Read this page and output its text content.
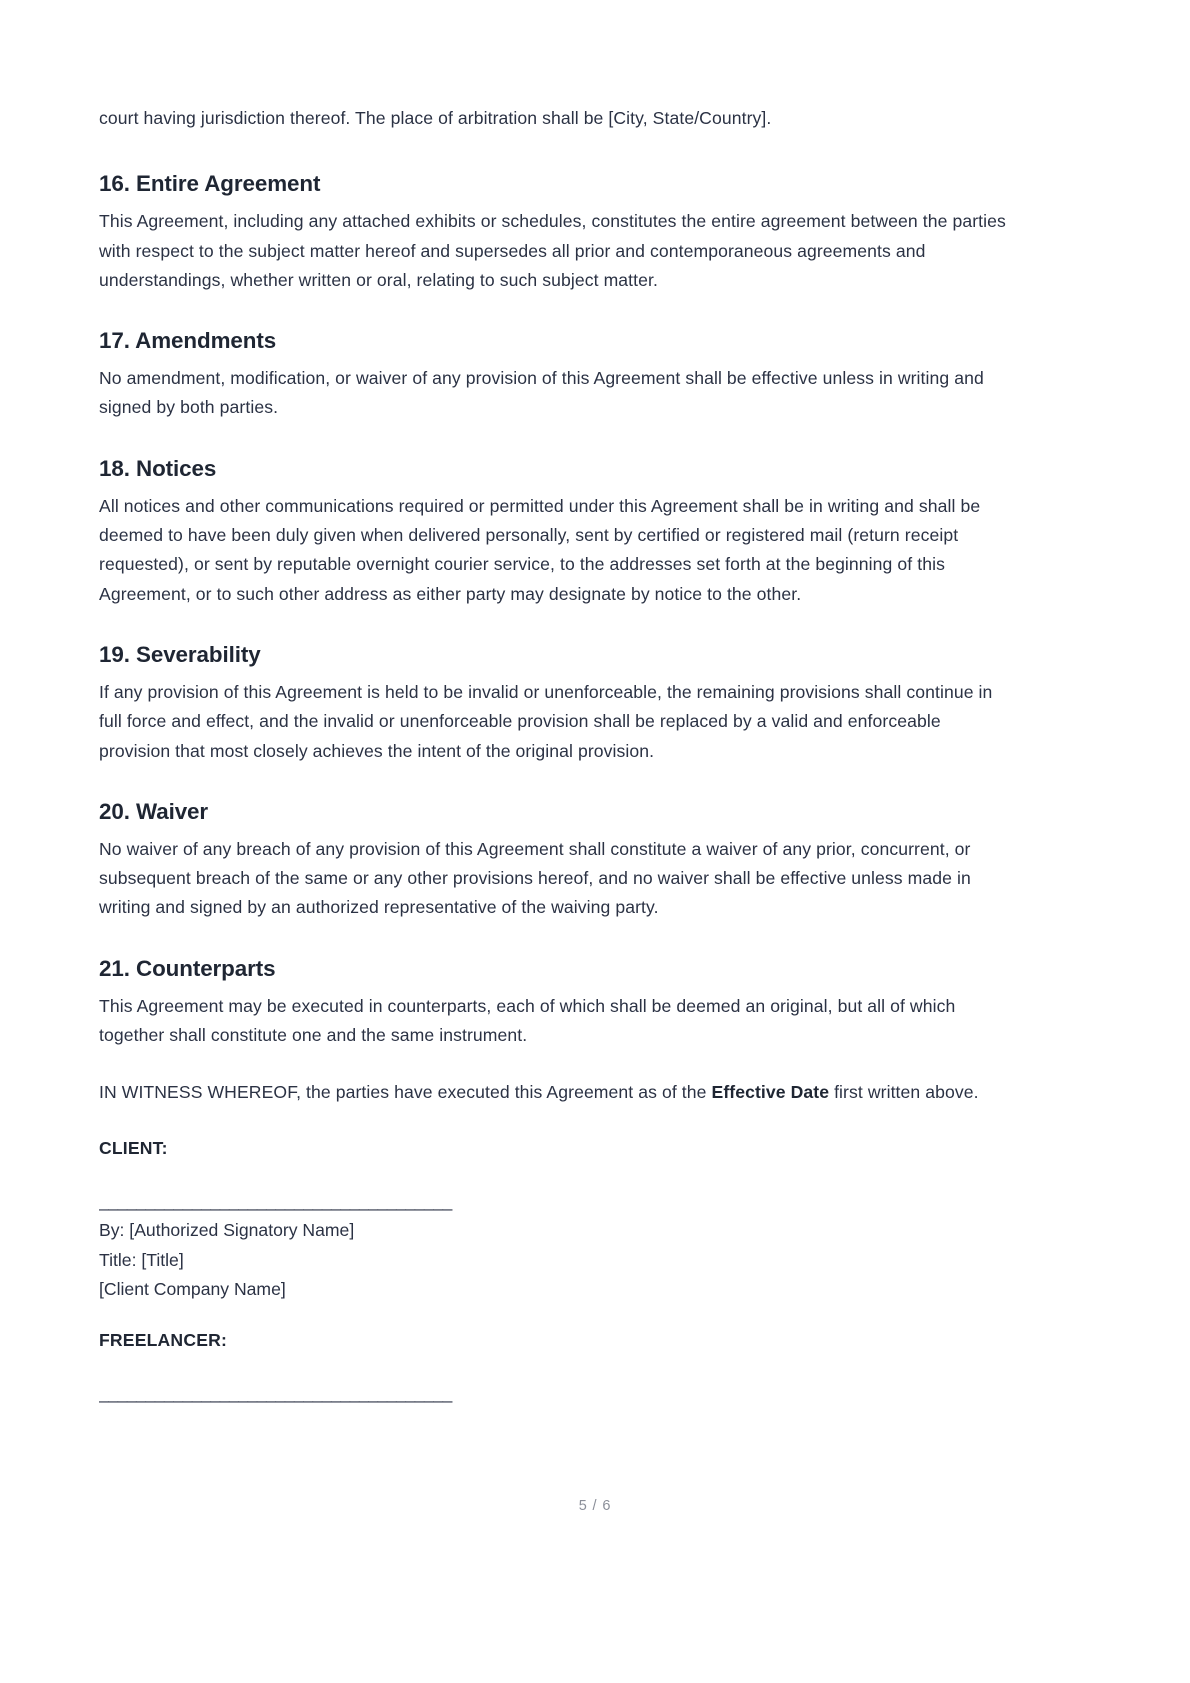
court having jurisdiction thereof. The place of arbitration shall be [City, State/Country].

16. Entire Agreement

This Agreement, including any attached exhibits or schedules, constitutes the entire agreement between the parties with respect to the subject matter hereof and supersedes all prior and contemporaneous agreements and understandings, whether written or oral, relating to such subject matter.

17. Amendments

No amendment, modification, or waiver of any provision of this Agreement shall be effective unless in writing and signed by both parties.

18. Notices

All notices and other communications required or permitted under this Agreement shall be in writing and shall be deemed to have been duly given when delivered personally, sent by certified or registered mail (return receipt requested), or sent by reputable overnight courier service, to the addresses set forth at the beginning of this Agreement, or to such other address as either party may designate by notice to the other.

19. Severability

If any provision of this Agreement is held to be invalid or unenforceable, the remaining provisions shall continue in full force and effect, and the invalid or unenforceable provision shall be replaced by a valid and enforceable provision that most closely achieves the intent of the original provision.

20. Waiver

No waiver of any breach of any provision of this Agreement shall constitute a waiver of any prior, concurrent, or subsequent breach of the same or any other provisions hereof, and no waiver shall be effective unless made in writing and signed by an authorized representative of the waiving party.

21. Counterparts

This Agreement may be executed in counterparts, each of which shall be deemed an original, but all of which together shall constitute one and the same instrument.

IN WITNESS WHEREOF, the parties have executed this Agreement as of the Effective Date first written above.

CLIENT:

______________________________________

By: [Authorized Signatory Name]

Title: [Title]

[Client Company Name]

FREELANCER:

______________________________________

5 / 6
